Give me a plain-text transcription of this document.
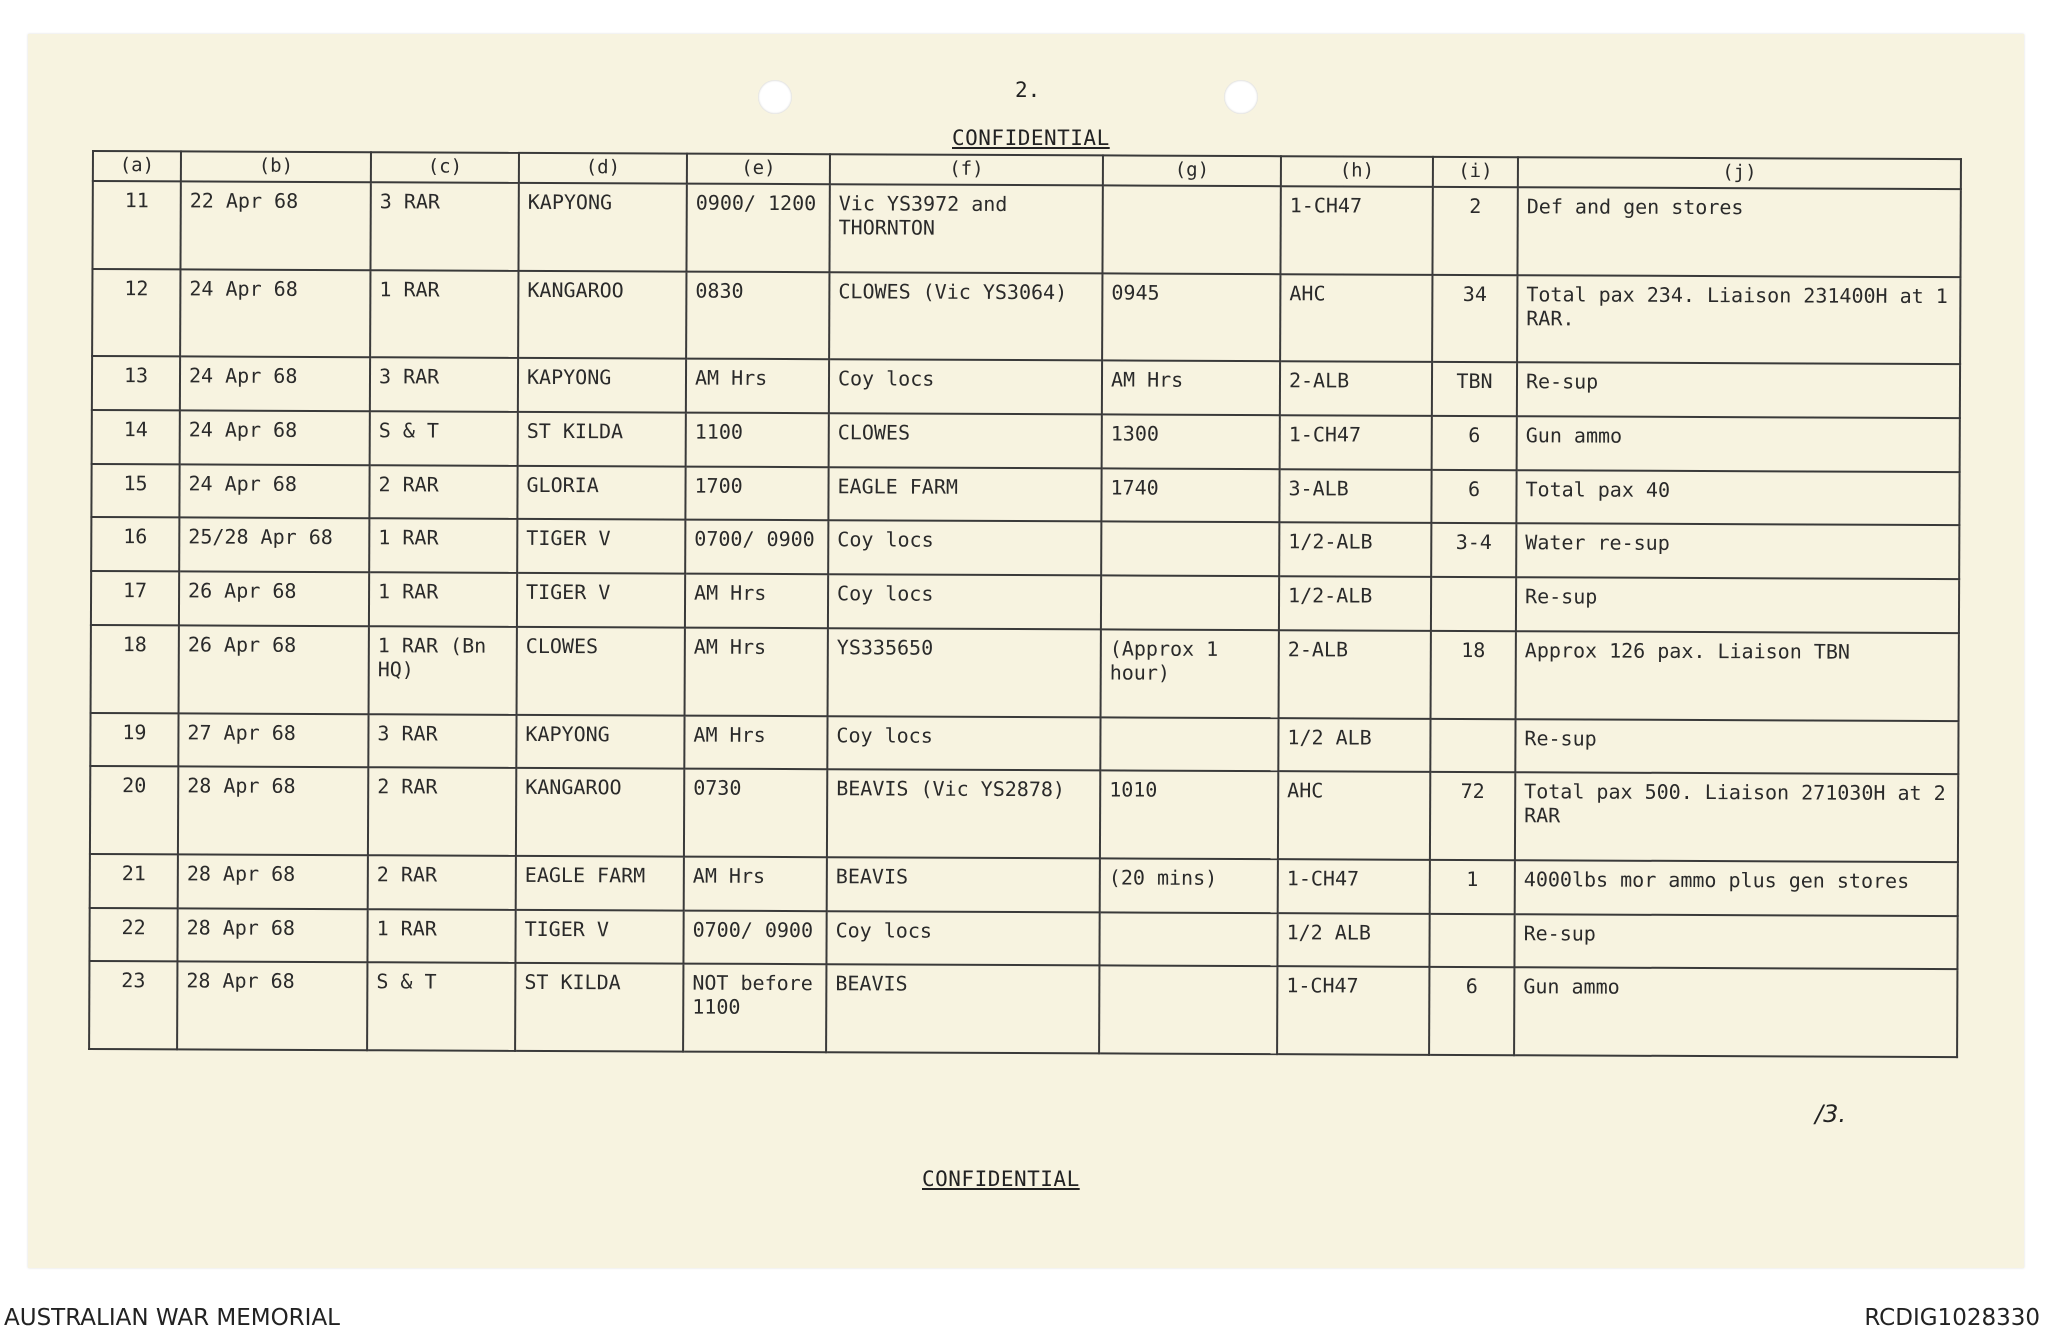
2.
CONFIDENTIAL
(a)	(b)	(c)	(d)	(e)	(f)	(g)	(h)	(i)	(j)
11	22 Apr 68	3 RAR	KAPYONG	0900/ 1200	Vic YS3972 and THORNTON		1-CH47	2	Def and gen stores
12	24 Apr 68	1 RAR	KANGAROO	0830	CLOWES (Vic YS3064)	0945	AHC	34	Total pax 234. Liaison 231400H at 1 RAR.
13	24 Apr 68	3 RAR	KAPYONG	AM Hrs	Coy locs	AM Hrs	2-ALB	TBN	Re-sup
14	24 Apr 68	S & T	ST KILDA	1100	CLOWES	1300	1-CH47	6	Gun ammo
15	24 Apr 68	2 RAR	GLORIA	1700	EAGLE FARM	1740	3-ALB	6	Total pax 40
16	25/28 Apr 68	1 RAR	TIGER V	0700/ 0900	Coy locs		1/2-ALB	3-4	Water re-sup
17	26 Apr 68	1 RAR	TIGER V	AM Hrs	Coy locs		1/2-ALB		Re-sup
18	26 Apr 68	1 RAR (Bn HQ)	CLOWES	AM Hrs	YS335650	(Approx 1 hour)	2-ALB	18	Approx 126 pax. Liaison TBN
19	27 Apr 68	3 RAR	KAPYONG	AM Hrs	Coy locs		1/2 ALB		Re-sup
20	28 Apr 68	2 RAR	KANGAROO	0730	BEAVIS (Vic YS2878)	1010	AHC	72	Total pax 500. Liaison 271030H at 2 RAR
21	28 Apr 68	2 RAR	EAGLE FARM	AM Hrs	BEAVIS	(20 mins)	1-CH47	1	4000lbs mor ammo plus gen stores
22	28 Apr 68	1 RAR	TIGER V	0700/ 0900	Coy locs		1/2 ALB		Re-sup
23	28 Apr 68	S & T	ST KILDA	NOT before 1100	BEAVIS		1-CH47	6	Gun ammo
/3.
CONFIDENTIAL
AUSTRALIAN WAR MEMORIAL	RCDIG1028330
